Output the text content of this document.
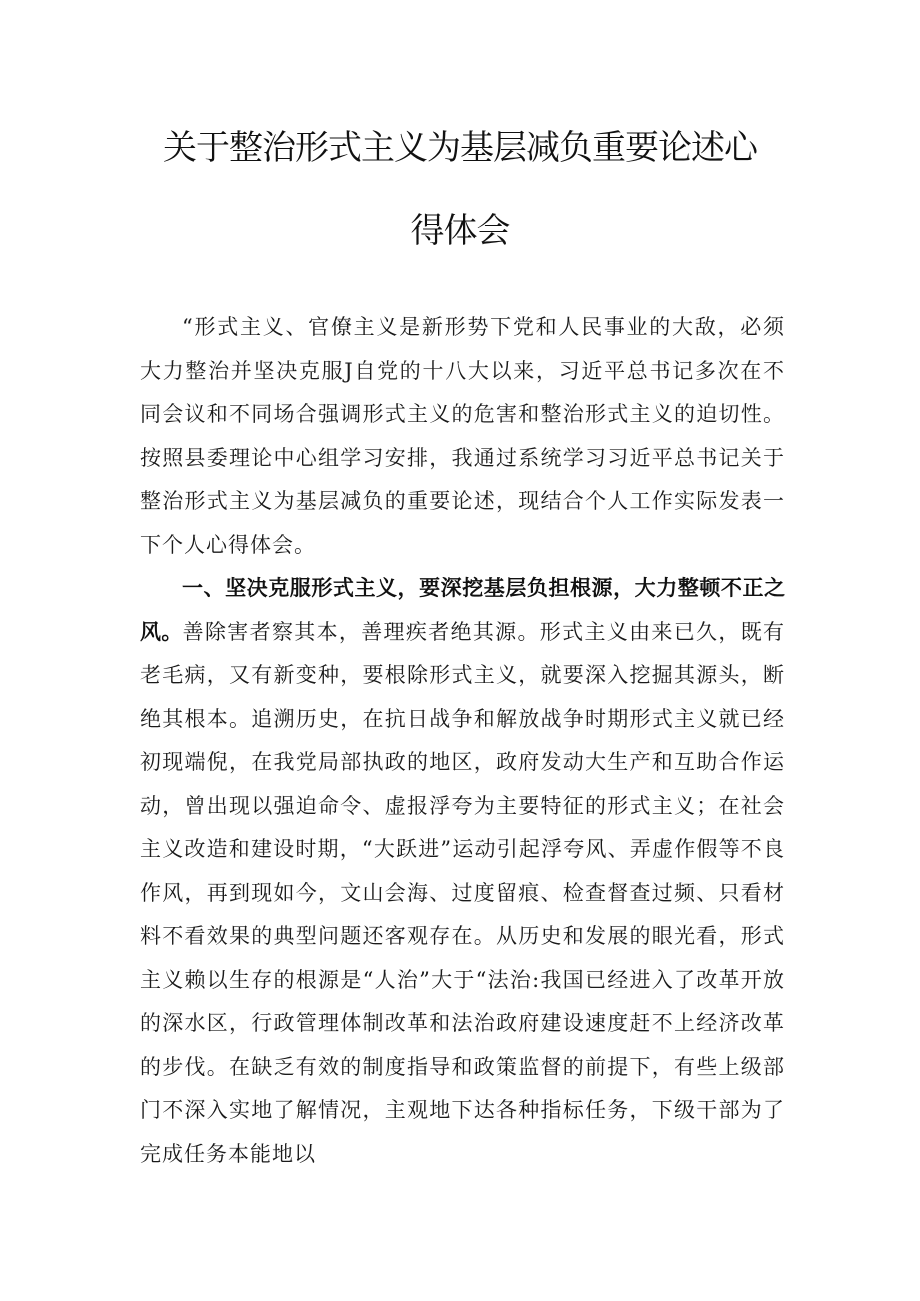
关于整治形式主义为基层减负重要论述心
得体会

“形式主义、官僚主义是新形势下党和人民事业的大敌，必须大力整治并坚决克服J自党的十八大以来，习近平总书记多次在不同会议和不同场合强调形式主义的危害和整治形式主义的迫切性。按照县委理论中心组学习安排，我通过系统学习习近平总书记关于整治形式主义为基层减负的重要论述，现结合个人工作实际发表一下个人心得体会。

一、坚决克服形式主义，要深挖基层负担根源，大力整顿不正之风。善除害者察其本，善理疾者绝其源。形式主义由来已久，既有老毛病，又有新变种，要根除形式主义，就要深入挖掘其源头，断绝其根本。追溯历史，在抗日战争和解放战争时期形式主义就已经初现端倪，在我党局部执政的地区，政府发动大生产和互助合作运动，曾出现以强迫命令、虚报浮夸为主要特征的形式主义；在社会主义改造和建设时期，“大跃进”运动引起浮夸风、弄虚作假等不良作风，再到现如今，文山会海、过度留痕、检查督查过频、只看材料不看效果的典型问题还客观存在。从历史和发展的眼光看，形式主义赖以生存的根源是“人治”大于“法治:我国已经进入了改革开放的深水区，行政管理体制改革和法治政府建设速度赶不上经济改革的步伐。在缺乏有效的制度指导和政策监督的前提下，有些上级部门不深入实地了解情况，主观地下达各种指标任务，下级干部为了完成任务本能地以
